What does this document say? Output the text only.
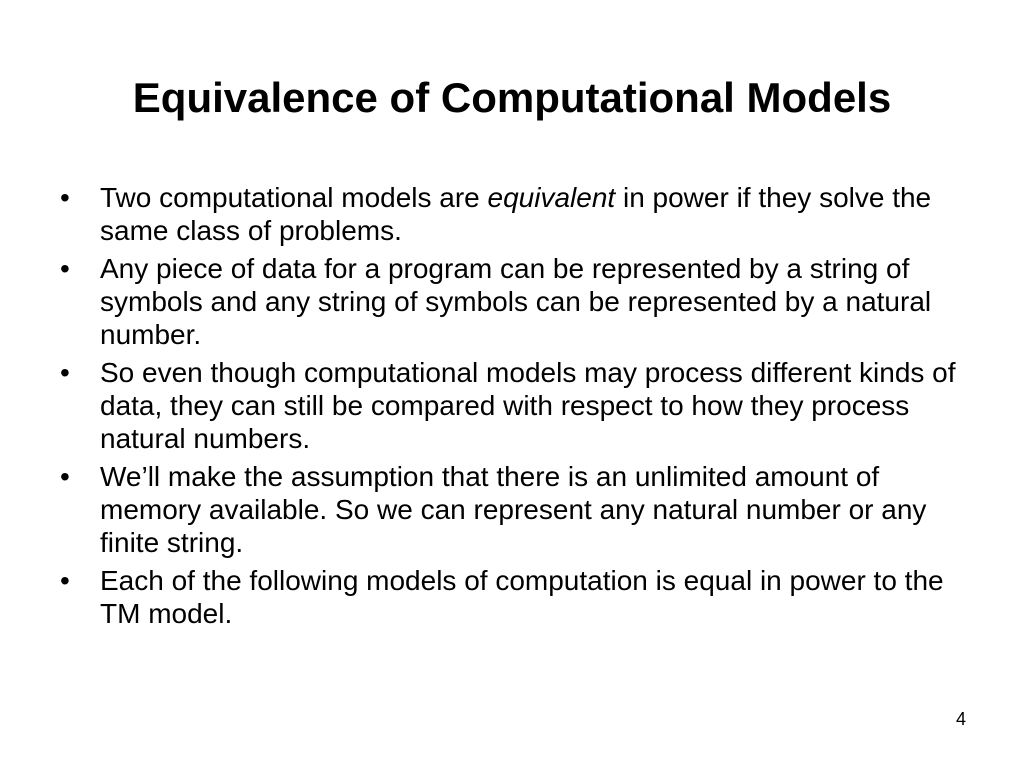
Equivalence of Computational Models
•	Two computational models are equivalent in power if they solve the same class of problems.
•	Any piece of data for a program can be represented by a string of symbols and any string of symbols can be represented by a natural number.
•	So even though computational models may process different kinds of data, they can still be compared with respect to how they process natural numbers.
•	We’ll make the assumption that there is an unlimited amount of memory available. So we can represent any natural number or any finite string.
•	Each of the following models of computation is equal in power to the TM model.
4
